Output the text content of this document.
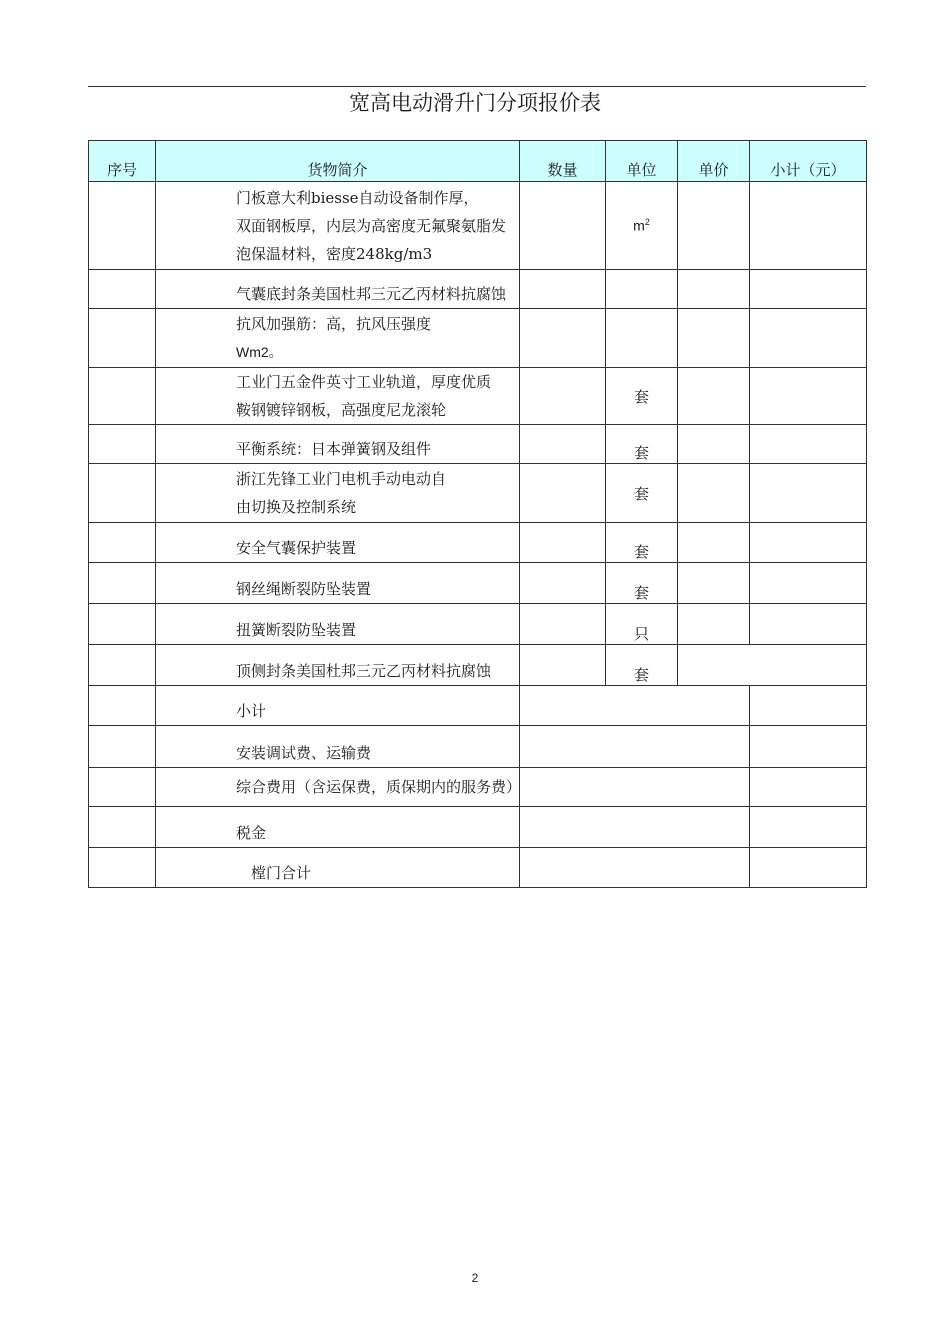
宽高电动滑升门分项报价表
序号	货物简介	数量	单位	单价	小计（元）

	门板意大利biesse自动设备制作厚，
双面钢板厚，内层为高密度无氟聚氨脂发
泡保温材料，密度248kg/m3		$m^2$		

	气囊底封条美国杜邦三元乙丙材料抗腐蚀				

	抗风加强筋：高，抗风压强度
Wm2。				

	工业门五金件英寸工业轨道，厚度优质
鞍钢镀锌钢板，高强度尼龙滚轮		套		

	平衡系统：日本弹簧钢及组件		套		

	浙江先锋工业门电机手动电动自
由切换及控制系统		套		

	安全气囊保护装置		套		

	钢丝绳断裂防坠装置		套		

	扭簧断裂防坠装置		只		

	顶侧封条美国杜邦三元乙丙材料抗腐蚀		套		
	小计				
	安装调试费、运输费				
	综合费用（含运保费，质保期内的服务费）				
	税金				
	樘门合计				
2
